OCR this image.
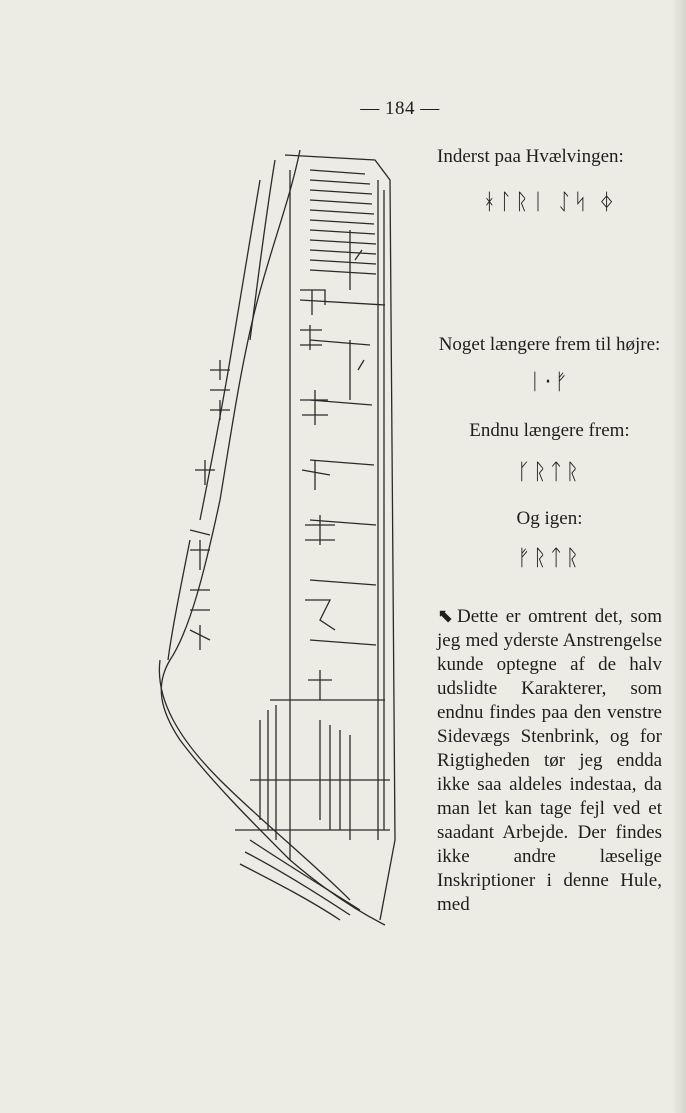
— 184 —
Inderst paa Hvælvingen:
ᚼᛚᚱᛁ ᛇᛋ ᛄ
Noget længere frem til højre:
ᛁ·ᚠ
Endnu længere frem:
ᚴᚱᛏᚱ
Og igen:
ᚠᚱᛏᚱ

⬉ Dette er omtrent det, som jeg med yderste Anstrengelse kunde optegne af de halv udslidte Karakterer, som endnu findes paa den venstre Sidevægs Stenbrink, og for Rigtigheden tør jeg endda ikke saa aldeles indestaa, da man let kan tage fejl ved et saadant Arbejde. Der findes ikke andre læselige Inskriptioner i denne Hule, med
